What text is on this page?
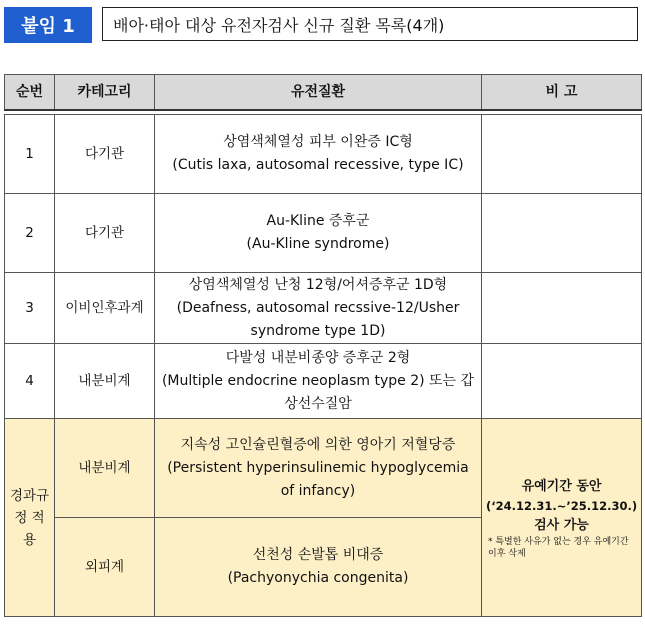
붙임 1	배아·태아 대상 유전자검사 신규 질환 목록(4개)
순번	카테고리	유전질환	비 고

1	다기관	상염색체열성 피부 이완증 IC형
(Cutis laxa, autosomal recessive, type IC)	

2	다기관	Au-Kline 증후군
(Au-Kline syndrome)	

3	이비인후과계	상염색체열성 난청 12형/어셔증후군 1D형
(Deafness, autosomal recssive-12/Usher syndrome type 1D)	

4	내분비계	다발성 내분비종양 증후군 2형
(Multiple endocrine neoplasm type 2) 또는 갑상선수질암	

경과규정 적용	내분비계	지속성 고인슐린혈증에 의한 영아기 저혈당증 (Persistent hyperinsulinemic hypoglycemia of infancy)	유예기간 동안
(‘24.12.31.~’25.12.30.)
검사 가능
* 특별한 사유가 없는 경우 유예기간 이후 삭제

	외피계	선천성 손발톱 비대증
(Pachyonychia congenita)	
